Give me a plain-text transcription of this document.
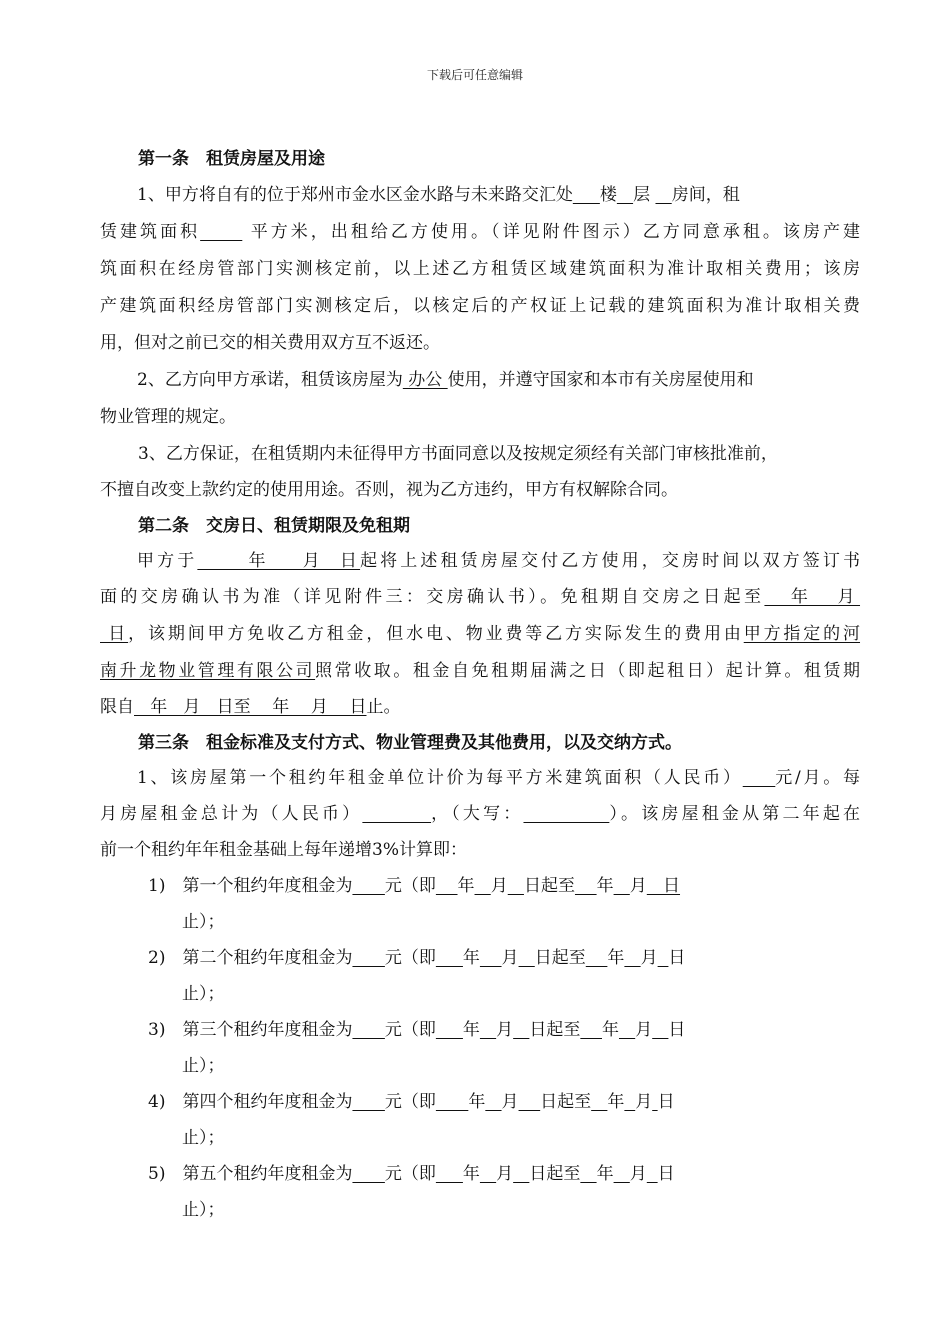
下载后可任意编辑
第一条　租赁房屋及用途
1、甲方将自有的位于郑州市金水区金水路与未来路交汇处 楼 层    房间，租
赁建筑面积      平方米，出租给乙方使用。（详见附件图示）乙方同意承租。该房产建
筑面积在经房管部门实测核定前，以上述乙方租赁区域建筑面积为准计取相关费用；该房
产建筑面积经房管部门实测核定后，以核定后的产权证上记载的建筑面积为准计取相关费
用，但对之前已交的相关费用双方互不返还。
2、乙方向甲方承诺，租赁该房屋为 办公 使用，并遵守国家和本市有关房屋使用和
物业管理的规定。
3、乙方保证，在租赁期内未征得甲方书面同意以及按规定须经有关部门审核批准前，
不擅自改变上款约定的使用用途。否则，视为乙方违约，甲方有权解除合同。
第二条　交房日、租赁期限及免租期
甲方于      年    月  日起将上述租赁房屋交付乙方使用，交房时间以双方签订书
面的交房确认书为准（详见附件三：交房确认书）。免租期自交房之日起至   年   月
日，该期间甲方免收乙方租金，但水电、物业费等乙方实际发生的费用由甲方指定的河
南升龙物业管理有限公司照常收取。租金自免租期届满之日（即起租日）起计算。租赁期
限自   年   月   日至    年    月    日止。
第三条　租金标准及支付方式、物业管理费及其他费用，以及交纳方式。
1、该房屋第一个租约年租金单位计价为每平方米建筑面积（人民币） 元/月。每
月房屋租金总计为（人民币）	，（大写：	）。该房屋租金从第二年起在
前一个租约年年租金基础上每年递增3%计算即：
1)　第一个租约年度租金为 元（即 年 月 日起至 年 月   日
止）；
2)　第二个租约年度租金为 元（即 年 月 日起至 年 月 日
止）；
3)　第三个租约年度租金为 元（即 年 月 日起至 年 月 日
止）；
4)　第四个租约年度租金为 元（即 年 月 日起至 年 月 日
止）；
5)　第五个租约年度租金为 元（即 年 月 日起至 年 月 日
止）；
